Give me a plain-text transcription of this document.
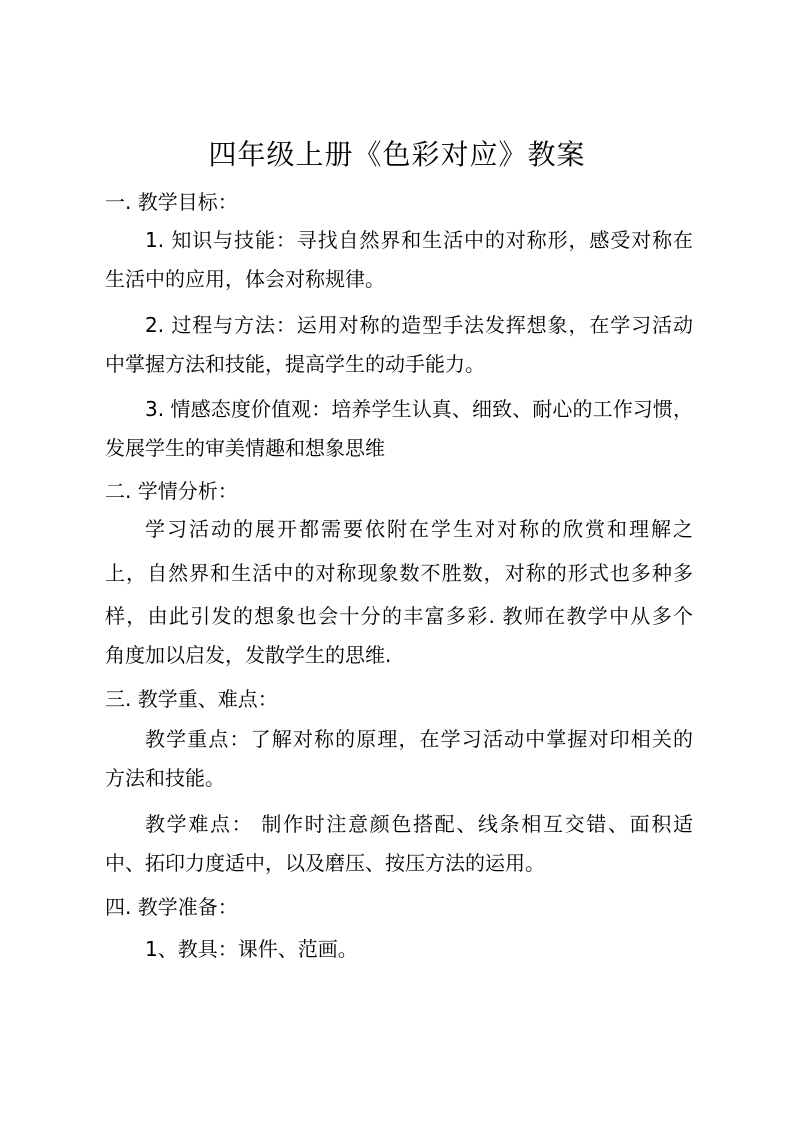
四年级上册《色彩对应》教案
一. 教学目标：
1. 知识与技能：寻找自然界和生活中的对称形，感受对称在
生活中的应用，体会对称规律。
2. 过程与方法：运用对称的造型手法发挥想象，在学习活动
中掌握方法和技能，提高学生的动手能力。
3. 情感态度价值观：培养学生认真、细致、耐心的工作习惯，
发展学生的审美情趣和想象思维
二. 学情分析：
学习活动的展开都需要依附在学生对对称的欣赏和理解之
上，自然界和生活中的对称现象数不胜数，对称的形式也多种多
样，由此引发的想象也会十分的丰富多彩. 教师在教学中从多个
角度加以启发，发散学生的思维.
三. 教学重、难点：
教学重点：了解对称的原理，在学习活动中掌握对印相关的
方法和技能。
教学难点： 制作时注意颜色搭配、线条相互交错、面积适
中、拓印力度适中，以及磨压、按压方法的运用。
四. 教学准备：
1、教具：课件、范画。
